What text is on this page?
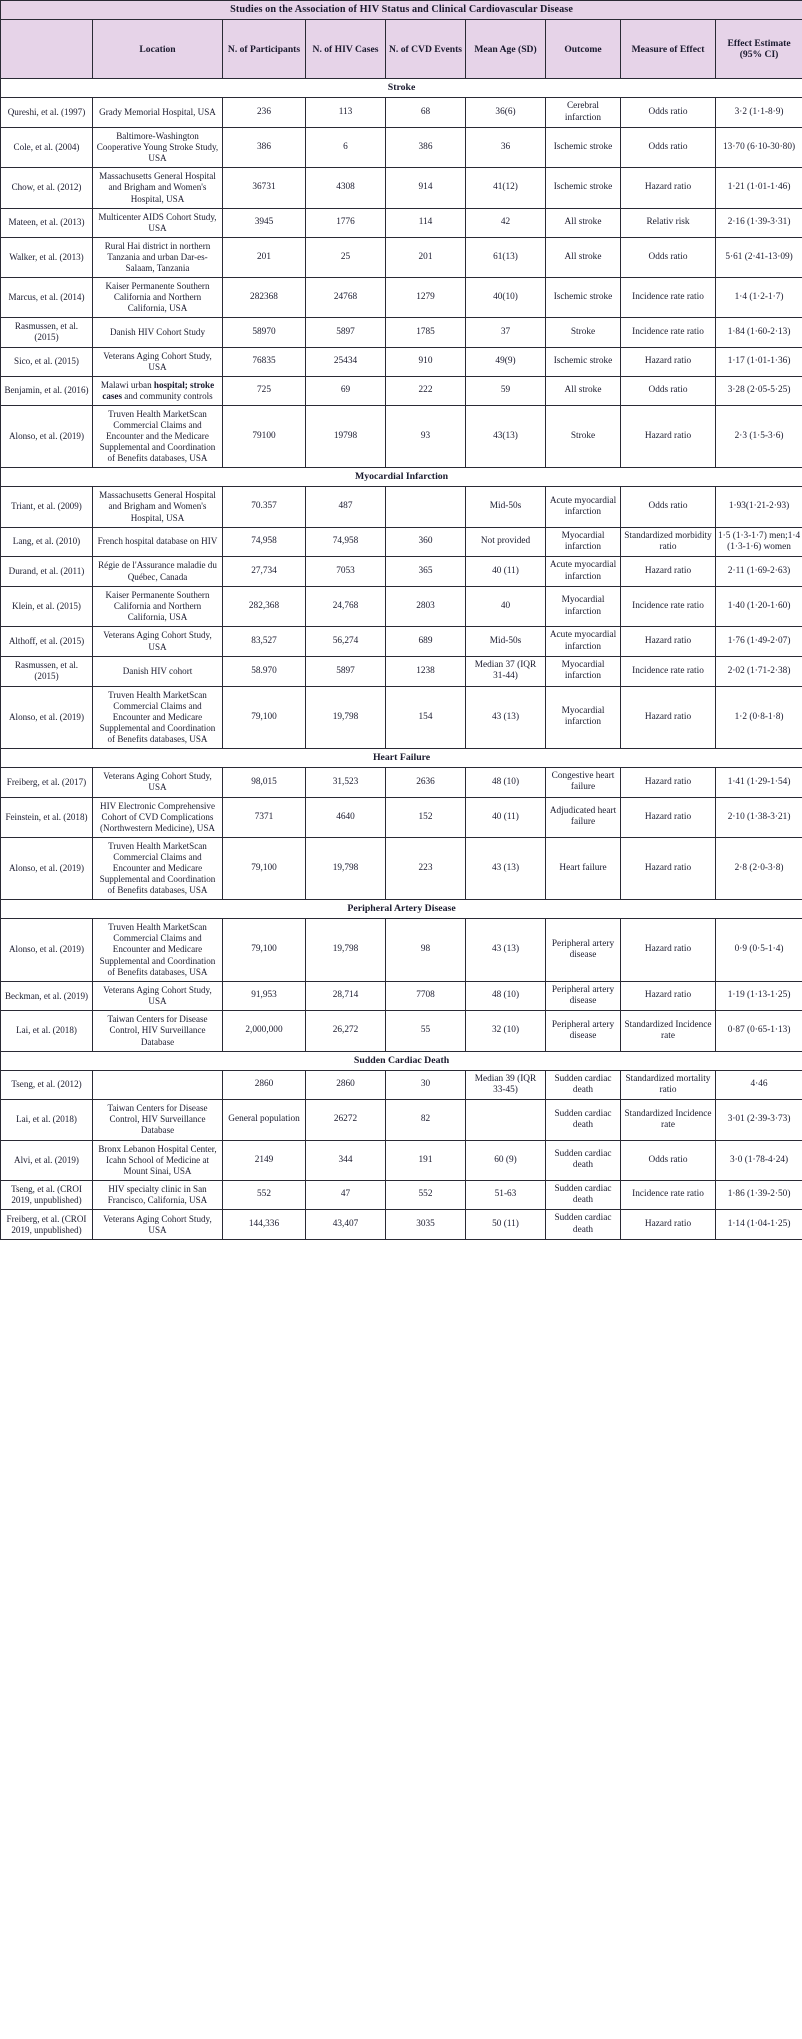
Studies on the Association of HIV Status and Clinical Cardiovascular Disease								
	Location	N. of Participants	N. of HIV Cases	N. of CVD Events	Mean Age (SD)	Outcome	Measure of Effect	Effect Estimate (95% CI)
Stroke								
Qureshi, et al. (1997)	Grady Memorial Hospital, USA	236	113	68	36(6)	Cerebral infarction	Odds ratio	3·2 (1·1-8·9)
Cole, et al. (2004)	Baltimore-Washington Cooperative Young Stroke Study, USA	386	6	386	36	Ischemic stroke	Odds ratio	13·70 (6·10-30·80)
Chow, et al. (2012)	Massachusetts General Hospital and Brigham and Women's Hospital, USA	36731	4308	914	41(12)	Ischemic stroke	Hazard ratio	1·21 (1·01-1·46)
Mateen, et al. (2013)	Multicenter AIDS Cohort Study, USA	3945	1776	114	42	All stroke	Relativ risk	2·16 (1·39-3·31)
Walker, et al. (2013)	Rural Hai district in northern Tanzania and urban Dar-es-Salaam, Tanzania	201	25	201	61(13)	All stroke	Odds ratio	5·61 (2·41-13·09)
Marcus, et al. (2014)	Kaiser Permanente Southern California and Northern California, USA	282368	24768	1279	40(10)	Ischemic stroke	Incidence rate ratio	1·4 (1·2-1·7)
Rasmussen, et al. (2015)	Danish HIV Cohort Study	58970	5897	1785	37	Stroke	Incidence rate ratio	1·84 (1·60-2·13)
Sico, et al. (2015)	Veterans Aging Cohort Study, USA	76835	25434	910	49(9)	Ischemic stroke	Hazard ratio	1·17 (1·01-1·36)
Benjamin, et al. (2016)	Malawi urban hospital; stroke cases and community controls	725	69	222	59	All stroke	Odds ratio	3·28 (2·05-5·25)
Alonso, et al. (2019)	Truven Health MarketScan Commercial Claims and Encounter and the Medicare Supplemental and Coordination of Benefits databases, USA	79100	19798	93	43(13)	Stroke	Hazard ratio	2·3 (1·5-3·6)
Myocardial Infarction								
Triant, et al. (2009)	Massachusetts General Hospital and Brigham and Women's Hospital, USA	70.357	487		Mid-50s	Acute myocardial infarction	Odds ratio	1·93(1·21-2·93)
Lang, et al. (2010)	French hospital database on HIV	74,958	74,958	360	Not provided	Myocardial infarction	Standardized morbidity ratio	1·5 (1·3-1·7) men;1·4 (1·3-1·6) women
Durand, et al. (2011)	Régie de l'Assurance maladie du Québec, Canada	27,734	7053	365	40 (11)	Acute myocardial infarction	Hazard ratio	2·11 (1·69-2·63)
Klein, et al. (2015)	Kaiser Permanente Southern California and Northern California, USA	282,368	24,768	2803	40	Myocardial infarction	Incidence rate ratio	1·40 (1·20-1·60)
Althoff, et al. (2015)	Veterans Aging Cohort Study, USA	83,527	56,274	689	Mid-50s	Acute myocardial infarction	Hazard ratio	1·76 (1·49-2·07)
Rasmussen, et al. (2015)	Danish HIV cohort	58.970	5897	1238	Median 37 (IQR 31-44)	Myocardial infarction	Incidence rate ratio	2·02 (1·71-2·38)
Alonso, et al. (2019)	Truven Health MarketScan Commercial Claims and Encounter and Medicare Supplemental and Coordination of Benefits databases, USA	79,100	19,798	154	43 (13)	Myocardial infarction	Hazard ratio	1·2 (0·8-1·8)
Heart Failure								
Freiberg, et al. (2017)	Veterans Aging Cohort Study, USA	98,015	31,523	2636	48 (10)	Congestive heart failure	Hazard ratio	1·41 (1·29-1·54)
Feinstein, et al. (2018)	HIV Electronic Comprehensive Cohort of CVD Complications (Northwestern Medicine), USA	7371	4640	152	40 (11)	Adjudicated heart failure	Hazard ratio	2·10 (1·38-3·21)
Alonso, et al. (2019)	Truven Health MarketScan Commercial Claims and Encounter and Medicare Supplemental and Coordination of Benefits databases, USA	79,100	19,798	223	43 (13)	Heart failure	Hazard ratio	2·8 (2·0-3·8)
Peripheral Artery Disease								
Alonso, et al. (2019)	Truven Health MarketScan Commercial Claims and Encounter and Medicare Supplemental and Coordination of Benefits databases, USA	79,100	19,798	98	43 (13)	Peripheral artery disease	Hazard ratio	0·9 (0·5-1·4)
Beckman, et al. (2019)	Veterans Aging Cohort Study, USA	91,953	28,714	7708	48 (10)	Peripheral artery disease	Hazard ratio	1·19 (1·13-1·25)
Lai, et al. (2018)	Taiwan Centers for Disease Control, HIV Surveillance Database	2,000,000	26,272	55	32 (10)	Peripheral artery disease	Standardized Incidence rate	0·87 (0·65-1·13)
Sudden Cardiac Death								
Tseng, et al. (2012)		2860	2860	30	Median 39 (IQR 33-45)	Sudden cardiac death	Standardized mortality ratio	4·46
Lai, et al. (2018)	Taiwan Centers for Disease Control, HIV Surveillance Database	General population	26272	82		Sudden cardiac death	Standardized Incidence rate	3·01 (2·39-3·73)
Alvi, et al. (2019)	Bronx Lebanon Hospital Center, Icahn School of Medicine at Mount Sinai, USA	2149	344	191	60 (9)	Sudden cardiac death	Odds ratio	3·0 (1·78-4·24)
Tseng, et al. (CROI 2019, unpublished)	HIV specialty clinic in San Francisco, California, USA	552	47	552	51-63	Sudden cardiac death	Incidence rate ratio	1·86 (1·39-2·50)
Freiberg, et al. (CROI 2019, unpublished)	Veterans Aging Cohort Study, USA	144,336	43,407	3035	50 (11)	Sudden cardiac death	Hazard ratio	1·14 (1·04-1·25)
